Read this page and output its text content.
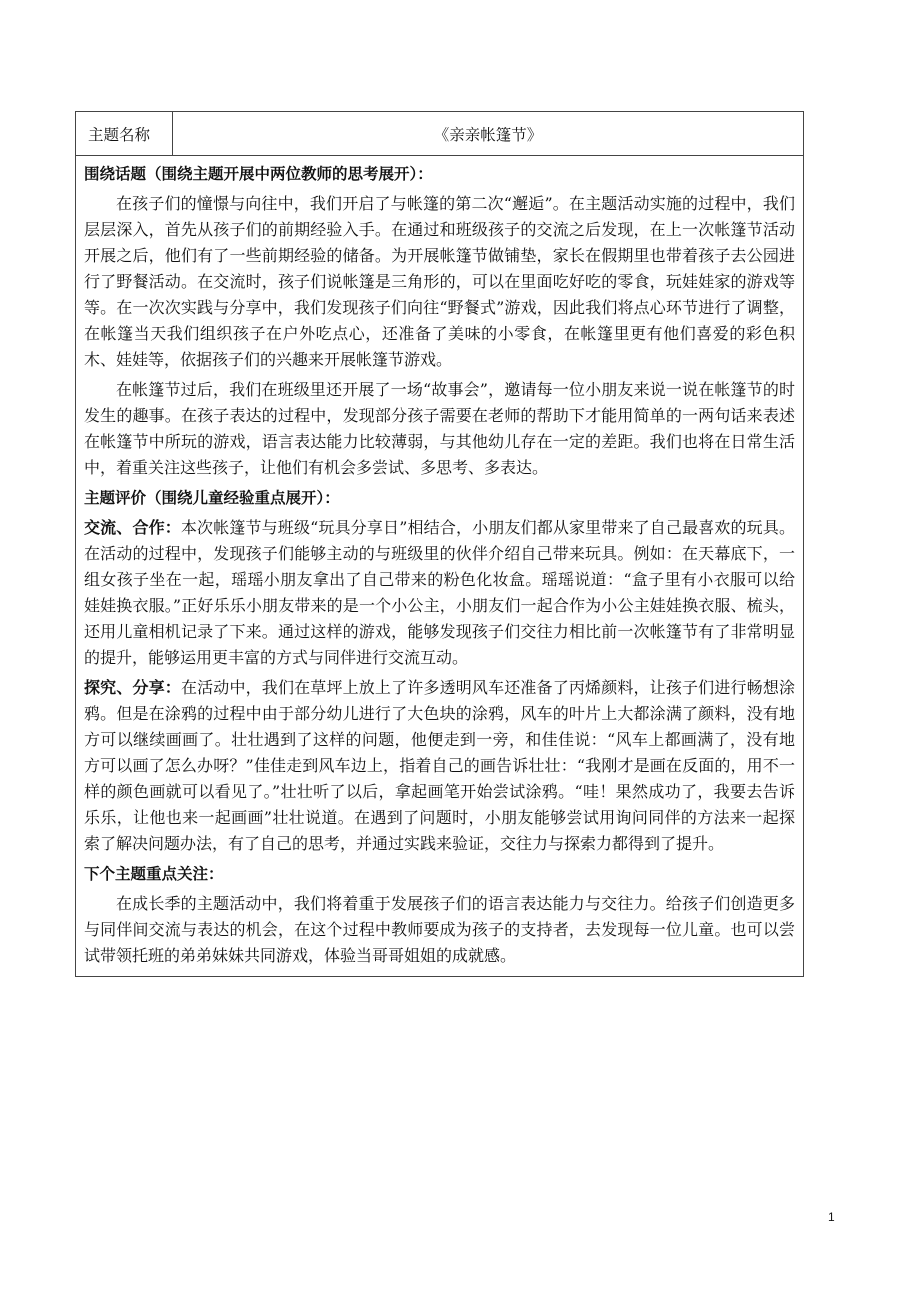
主题名称	《亲亲帐篷节》
围绕话题（围绕主题开展中两位教师的思考展开）：

在孩子们的憧憬与向往中，我们开启了与帐篷的第二次“邂逅”。在主题活动实施的过程中，我们层层深入，首先从孩子们的前期经验入手。在通过和班级孩子的交流之后发现，在上一次帐篷节活动开展之后，他们有了一些前期经验的储备。为开展帐篷节做铺垫，家长在假期里也带着孩子去公园进行了野餐活动。在交流时，孩子们说帐篷是三角形的，可以在里面吃好吃的零食，玩娃娃家的游戏等等。在一次次实践与分享中，我们发现孩子们向往“野餐式”游戏，因此我们将点心环节进行了调整，在帐篷当天我们组织孩子在户外吃点心，还准备了美味的小零食，在帐篷里更有他们喜爱的彩色积木、娃娃等，依据孩子们的兴趣来开展帐篷节游戏。

在帐篷节过后，我们在班级里还开展了一场“故事会”，邀请每一位小朋友来说一说在帐篷节的时发生的趣事。在孩子表达的过程中，发现部分孩子需要在老师的帮助下才能用简单的一两句话来表述在帐篷节中所玩的游戏，语言表达能力比较薄弱，与其他幼儿存在一定的差距。我们也将在日常生活中，着重关注这些孩子，让他们有机会多尝试、多思考、多表达。

主题评价（围绕儿童经验重点展开）：

交流、合作：本次帐篷节与班级“玩具分享日”相结合，小朋友们都从家里带来了自己最喜欢的玩具。在活动的过程中，发现孩子们能够主动的与班级里的伙伴介绍自己带来玩具。例如：在天幕底下，一组女孩子坐在一起，瑶瑶小朋友拿出了自己带来的粉色化妆盒。瑶瑶说道：“盒子里有小衣服可以给娃娃换衣服。”正好乐乐小朋友带来的是一个小公主，小朋友们一起合作为小公主娃娃换衣服、梳头，还用儿童相机记录了下来。通过这样的游戏，能够发现孩子们交往力相比前一次帐篷节有了非常明显的提升，能够运用更丰富的方式与同伴进行交流互动。

探究、分享：在活动中，我们在草坪上放上了许多透明风车还准备了丙烯颜料，让孩子们进行畅想涂鸦。但是在涂鸦的过程中由于部分幼儿进行了大色块的涂鸦，风车的叶片上大都涂满了颜料，没有地方可以继续画画了。壮壮遇到了这样的问题，他便走到一旁，和佳佳说：“风车上都画满了，没有地方可以画了怎么办呀？”佳佳走到风车边上，指着自己的画告诉壮壮：“我刚才是画在反面的，用不一样的颜色画就可以看见了。”壮壮听了以后，拿起画笔开始尝试涂鸦。“哇！果然成功了，我要去告诉乐乐，让他也来一起画画”壮壮说道。在遇到了问题时，小朋友能够尝试用询问同伴的方法来一起探索了解决问题办法，有了自己的思考，并通过实践来验证，交往力与探索力都得到了提升。

下个主题重点关注：

在成长季的主题活动中，我们将着重于发展孩子们的语言表达能力与交往力。给孩子们创造更多与同伴间交流与表达的机会，在这个过程中教师要成为孩子的支持者，去发现每一位儿童。也可以尝试带领托班的弟弟妹妹共同游戏，体验当哥哥姐姐的成就感。

1
